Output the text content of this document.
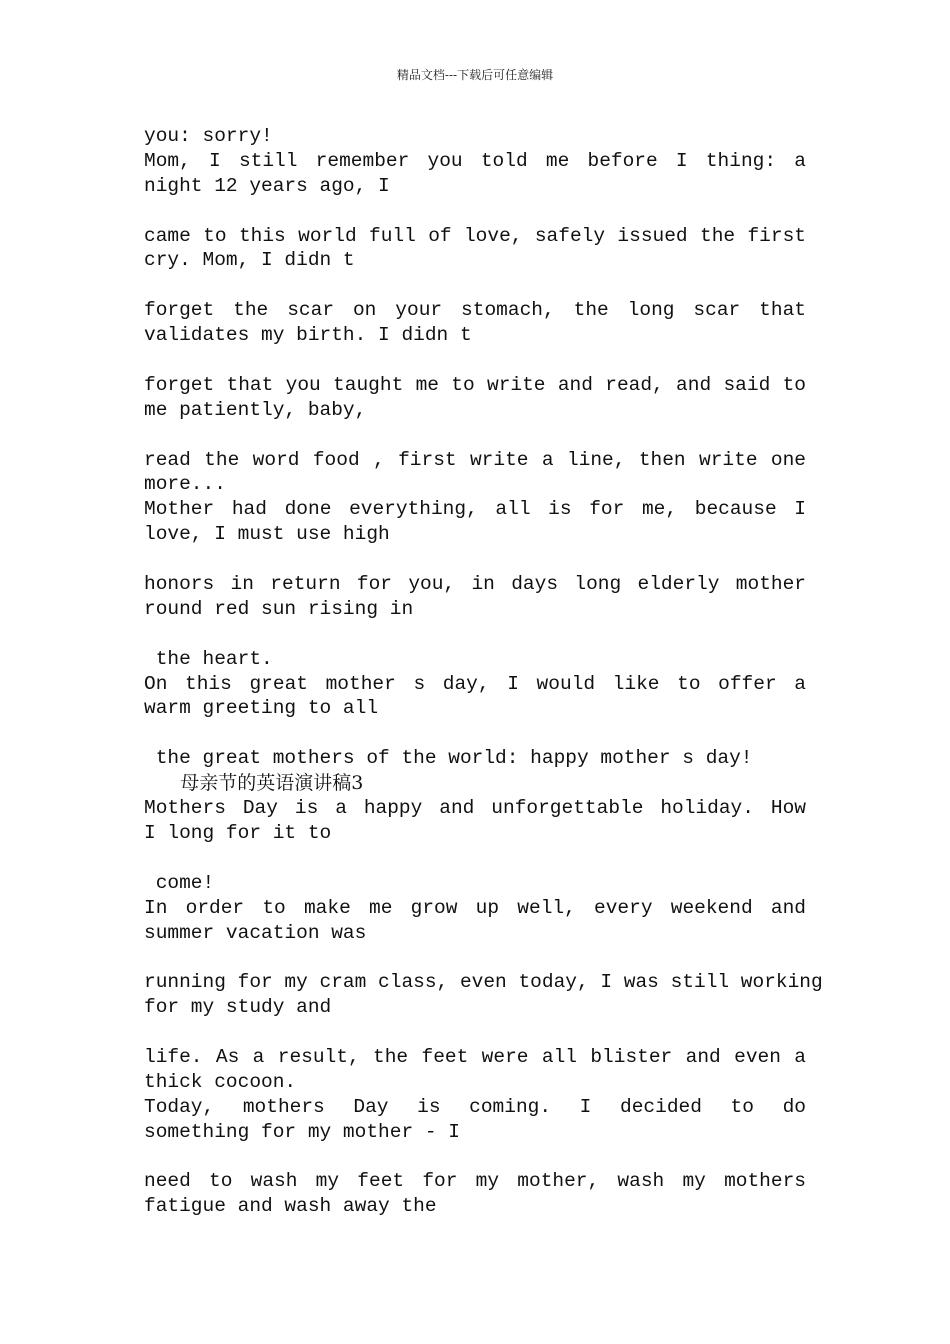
精品文档---下载后可任意编辑
you: sorry!
Mom, I still remember you told me before I thing: a
night 12 years ago, I
came to this world full of love, safely issued the first
cry. Mom, I didn t
forget the scar on your stomach, the long scar that
validates my birth. I didn t
forget that you taught me to write and read, and said to
me patiently, baby,
read the word food , first write a line, then write one
more...
Mother had done everything, all is for me, because I
love, I must use high
honors in return for you, in days long elderly mother
round red sun rising in
the heart.
On this great mother s day, I would like to offer a
warm greeting to all
the great mothers of the world: happy mother s day!
母亲节的英语演讲稿3
Mothers Day is a happy and unforgettable holiday. How
I long for it to
come!
In order to make me grow up well, every weekend and
summer vacation was
running for my cram class, even today, I was still working
for my study and
life. As a result, the feet were all blister and even a
thick cocoon.
Today, mothers Day is coming. I decided to do
something for my mother - I
need to wash my feet for my mother, wash my mothers
fatigue and wash away the
